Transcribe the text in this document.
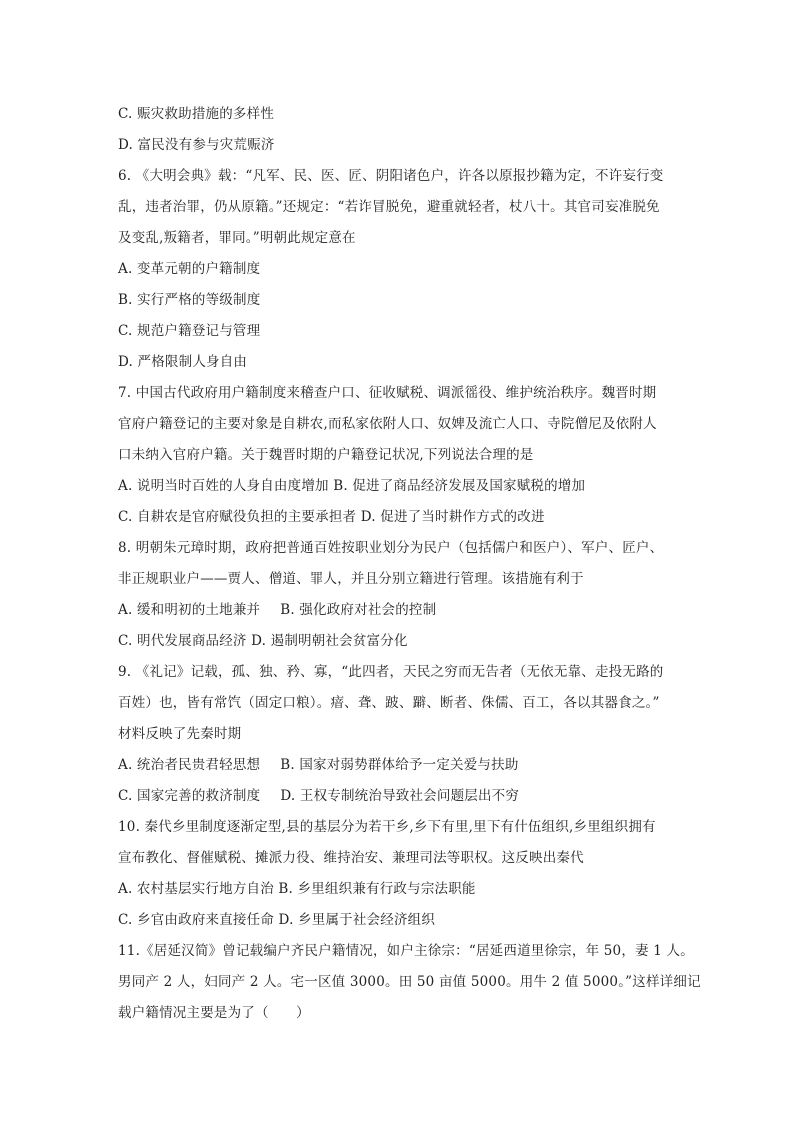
C. 赈灾救助措施的多样性
D. 富民没有参与灾荒赈济
6. 《大明会典》载：“凡军、民、医、匠、阴阳诸色户，许各以原报抄籍为定，不许妄行变
乱，违者治罪，仍从原籍。”还规定：“若诈冒脱免，避重就轻者，杖八十。其官司妄准脱免
及变乱,叛籍者，罪同。”明朝此规定意在
A. 变革元朝的户籍制度
B. 实行严格的等级制度
C. 规范户籍登记与管理
D. 严格限制人身自由
7. 中国古代政府用户籍制度来稽查户口、征收赋税、调派徭役、维护统治秩序。魏晋时期
官府户籍登记的主要对象是自耕农,而私家依附人口、奴婢及流亡人口、寺院僧尼及依附人
口未纳入官府户籍。关于魏晋时期的户籍登记状况,下列说法合理的是
A. 说明当时百姓的人身自由度增加 B. 促进了商品经济发展及国家赋税的增加
C. 自耕农是官府赋役负担的主要承担者 D. 促进了当时耕作方式的改进
8. 明朝朱元璋时期，政府把普通百姓按职业划分为民户（包括儒户和医户）、军户、匠户、
非正规职业户——贾人、僧道、罪人，并且分别立籍进行管理。该措施有利于
A. 缓和明初的土地兼并B. 强化政府对社会的控制
C. 明代发展商品经济 D. 遏制明朝社会贫富分化
9. 《礼记》记载，孤、独、矜、寡，“此四者，天民之穷而无告者（无依无靠、走投无路的
百姓）也，皆有常饩（固定口粮）。瘖、聋、跛、躃、断者、侏儒、百工，各以其器食之。”
材料反映了先秦时期
A. 统治者民贵君轻思想 B. 国家对弱势群体给予一定关爱与扶助
C. 国家完善的救济制度 D. 王权专制统治导致社会问题层出不穷
10. 秦代乡里制度逐渐定型,县的基层分为若干乡,乡下有里,里下有什伍组织,乡里组织拥有
宣布教化、督催赋税、摊派力役、维持治安、兼理司法等职权。这反映出秦代
A. 农村基层实行地方自治 B. 乡里组织兼有行政与宗法职能
C. 乡官由政府来直接任命 D. 乡里属于社会经济组织
11.《居延汉简》曾记载编户齐民户籍情况，如户主徐宗：“居延西道里徐宗，年 50，妻 1 人。
男同产 2 人，妇同产 2 人。宅一区值 3000。田 50 亩值 5000。用牛 2 值 5000。”这样详细记
载户籍情况主要是为了（　　）
